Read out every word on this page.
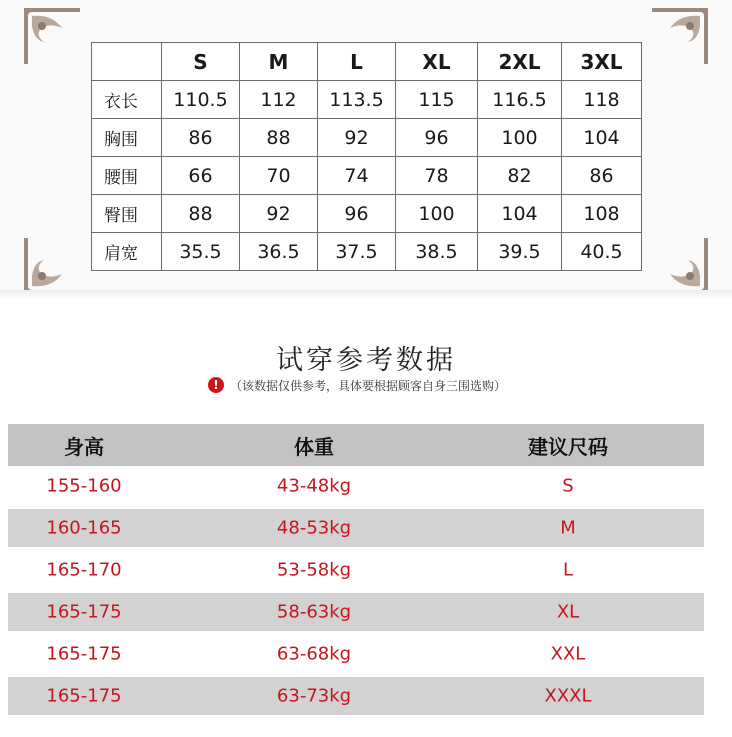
	S	M	L	XL	2XL	3XL
衣长	110.5	112	113.5	115	116.5	118
胸围	86	88	92	96	100	104
腰围	66	70	74	78	82	86
臀围	88	92	96	100	104	108
肩宽	35.5	36.5	37.5	38.5	39.5	40.5
试穿参考数据
! （该数据仅供参考，具体要根据顾客自身三围选购）
身高	体重	建议尺码
155-160	43-48kg	S
160-165	48-53kg	M
165-170	53-58kg	L
165-175	58-63kg	XL
165-175	63-68kg	XXL
165-175	63-73kg	XXXL
